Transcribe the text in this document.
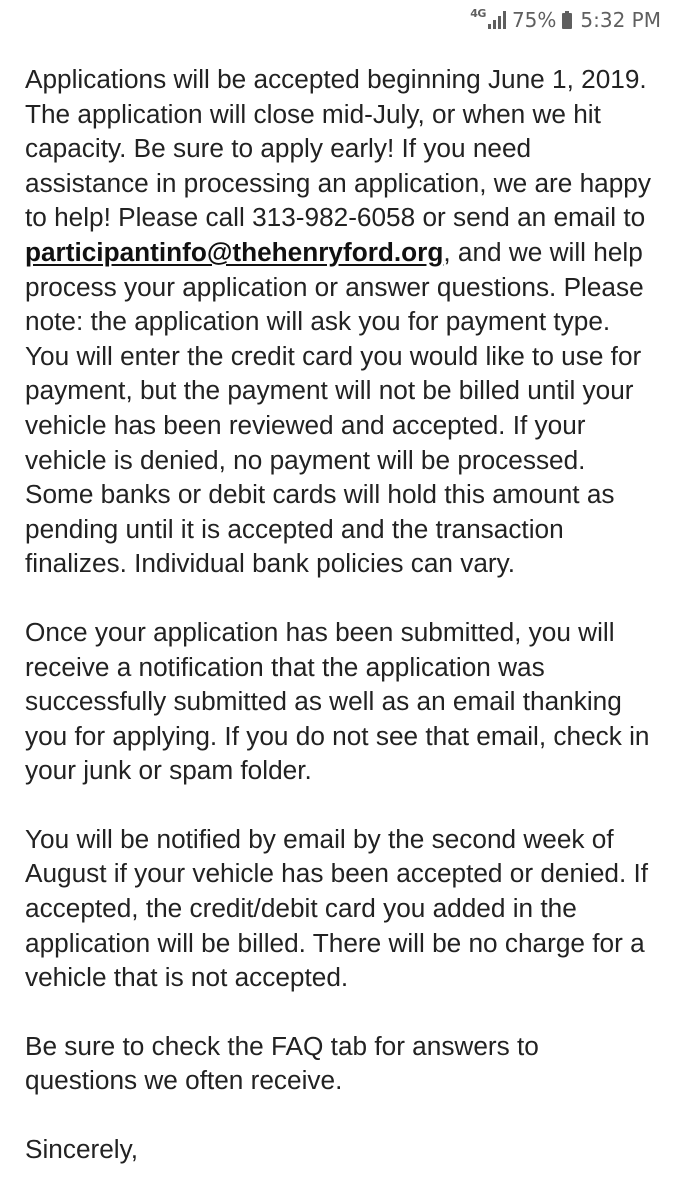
4G 75% 5:32 PM

Applications will be accepted beginning June 1, 2019. The application will close mid-July, or when we hit capacity. Be sure to apply early! If you need assistance in processing an application, we are happy to help! Please call 313-982-6058 or send an email to participantinfo@thehenryford.org, and we will help process your application or answer questions. Please note: the application will ask you for payment type. You will enter the credit card you would like to use for payment, but the payment will not be billed until your vehicle has been reviewed and accepted. If your vehicle is denied, no payment will be processed. Some banks or debit cards will hold this amount as pending until it is accepted and the transaction finalizes. Individual bank policies can vary.

Once your application has been submitted, you will receive a notification that the application was successfully submitted as well as an email thanking you for applying. If you do not see that email, check in your junk or spam folder.

You will be notified by email by the second week of August if your vehicle has been accepted or denied. If accepted, the credit/debit card you added in the application will be billed. There will be no charge for a vehicle that is not accepted.

Be sure to check the FAQ tab for answers to questions we often receive.

Sincerely,
